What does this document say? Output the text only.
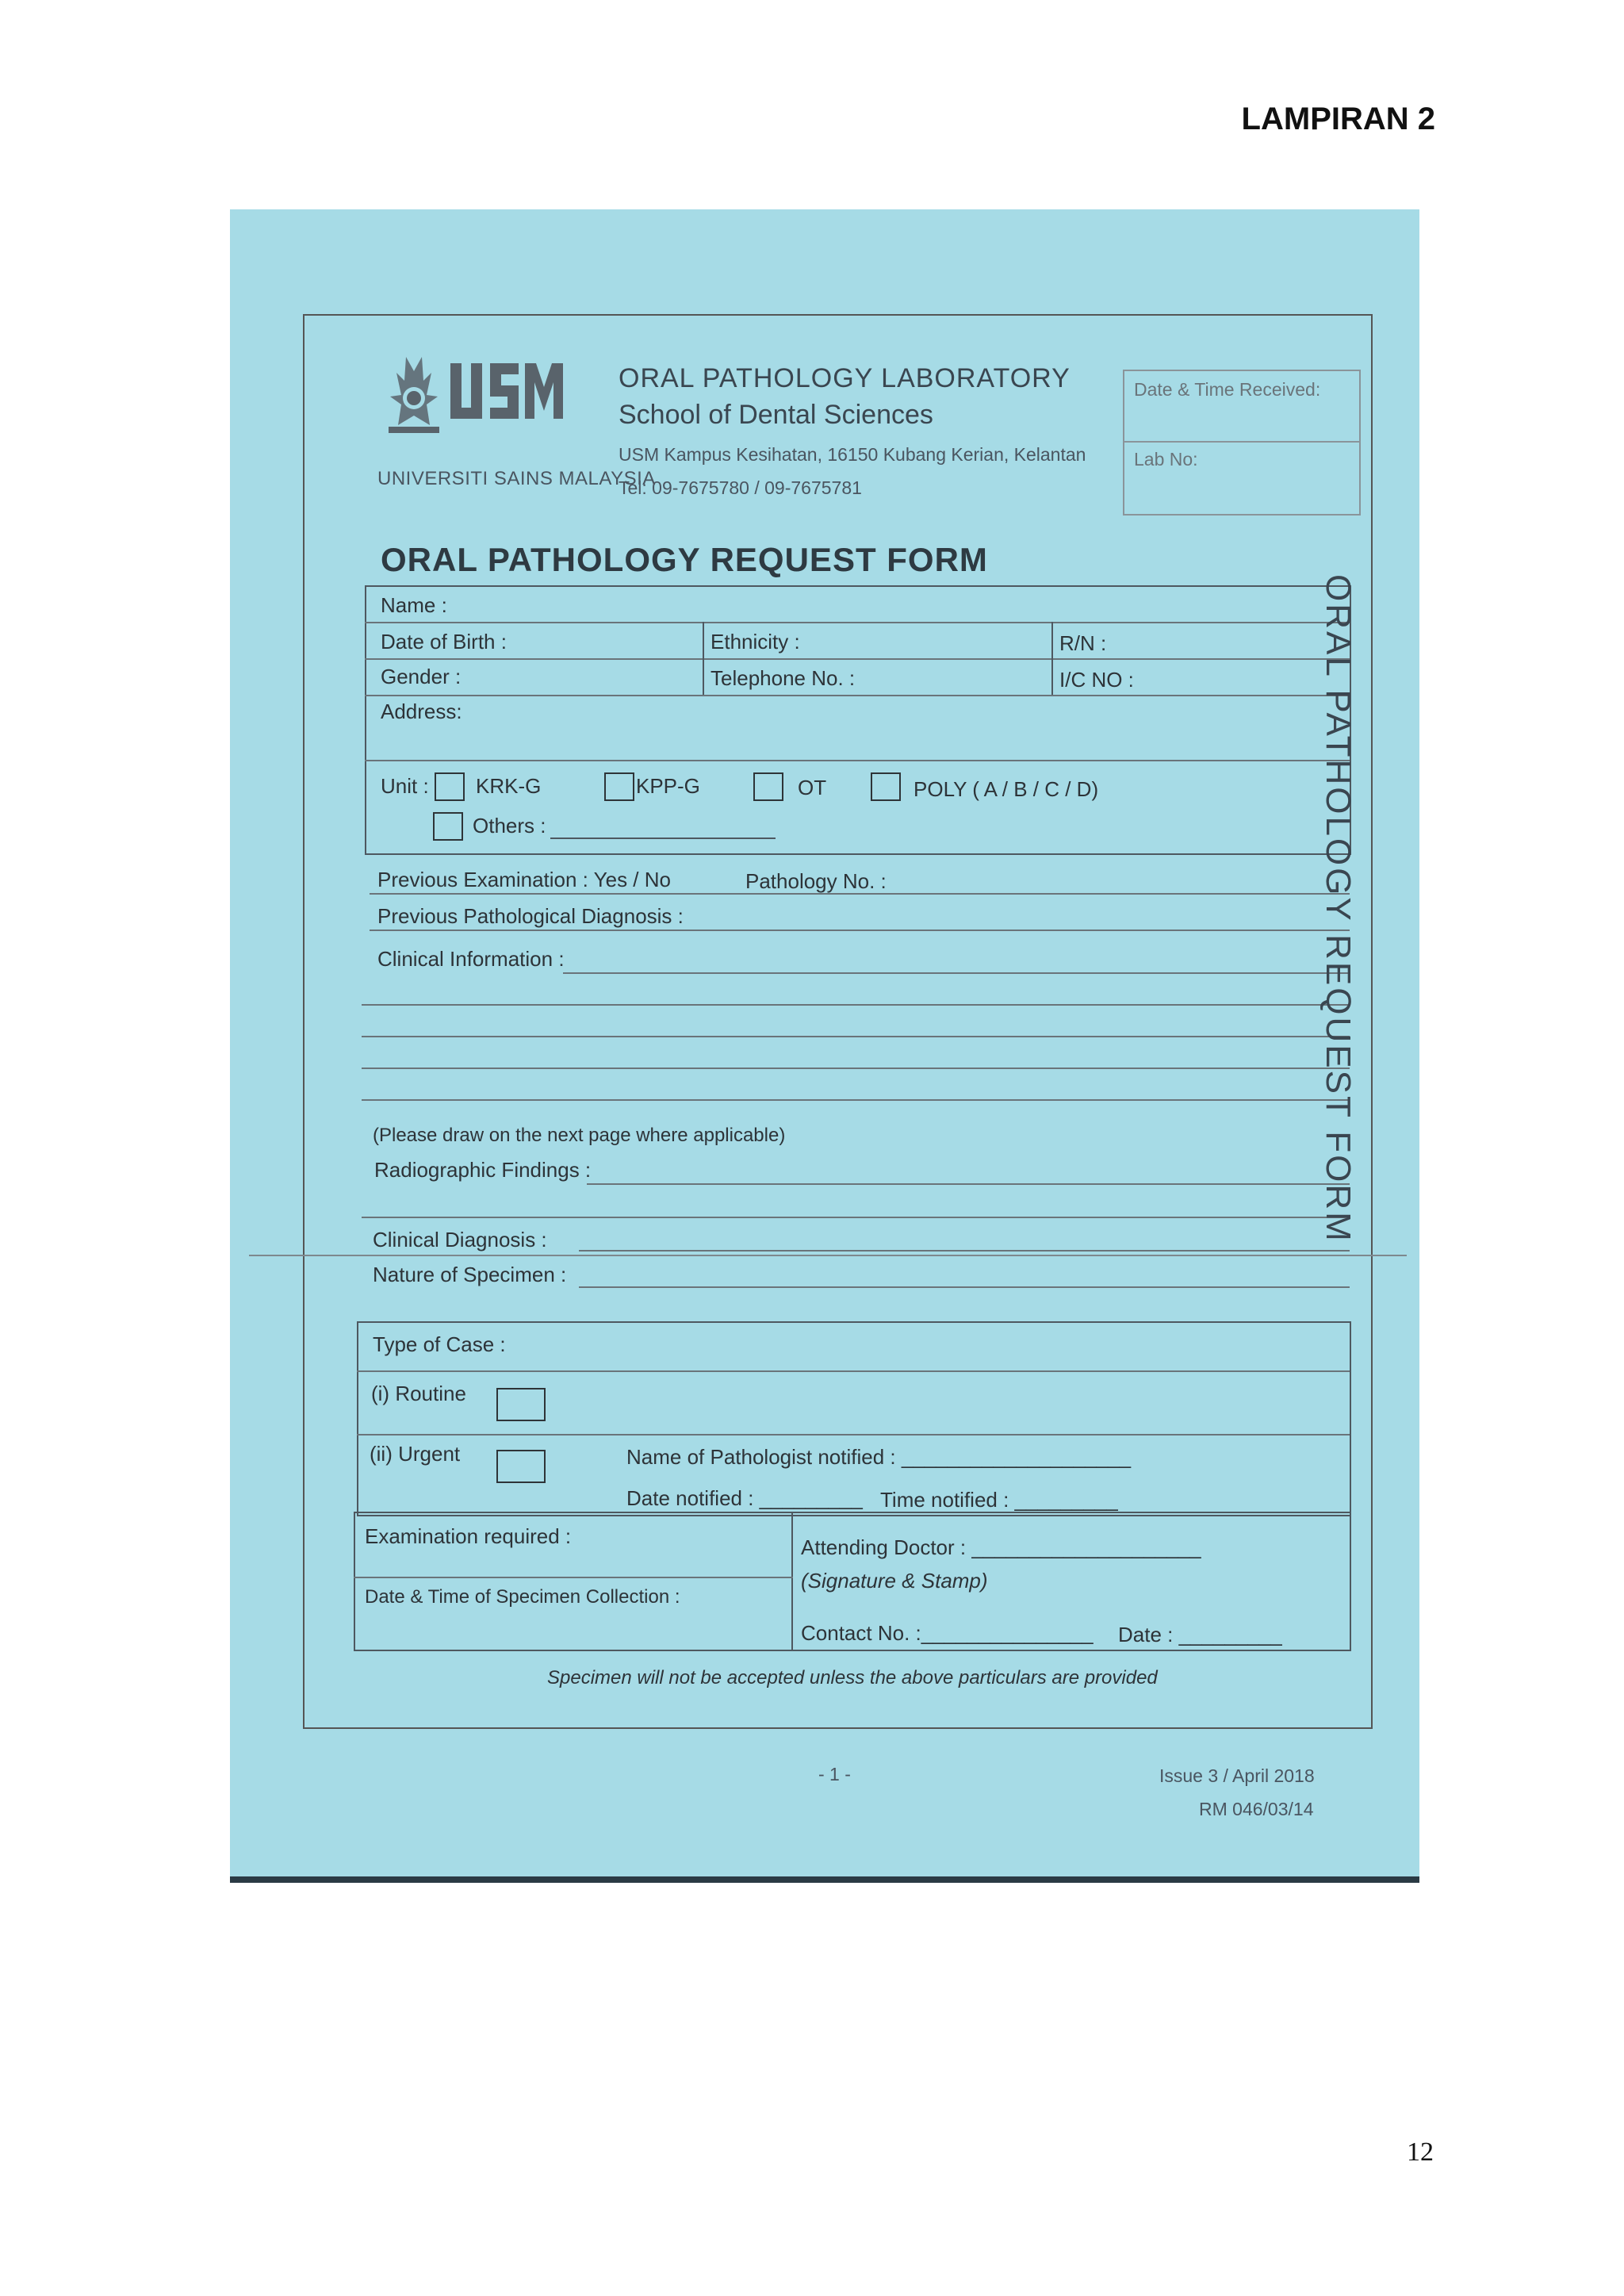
LAMPIRAN 2
UNIVERSITI SAINS MALAYSIA
ORAL PATHOLOGY LABORATORY
School of Dental Sciences
USM Kampus Kesihatan, 16150 Kubang Kerian, Kelantan
Tel: 09-7675780 / 09-7675781
Date & Time Received:
Lab No:
ORAL PATHOLOGY REQUEST FORM
Name :
Date of Birth :	Ethnicity :	R/N :
Gender :	Telephone No. :	I/C NO :
Address:
Unit : KRK-G	KPP-G	OT	POLY ( A / B / C / D)
Others :
Previous Examination : Yes / No	Pathology No. :
Previous Pathological Diagnosis :
Clinical Information :
(Please draw on the next page where applicable)
Radiographic Findings :
Clinical Diagnosis :
Nature of Specimen :
Type of Case :
(i) Routine
(ii) Urgent	Name of Pathologist notified : ____________________
Date notified : _________ Time notified : _________
Examination required :
Date & Time of Specimen Collection :
Attending Doctor : ____________________
(Signature & Stamp)
Contact No. :_______________ Date : _________
Specimen will not be accepted unless the above particulars are provided
- 1 -	Issue 3 / April 2018
RM 046/03/14
ORAL PATHOLOGY REQUEST FORM
12
